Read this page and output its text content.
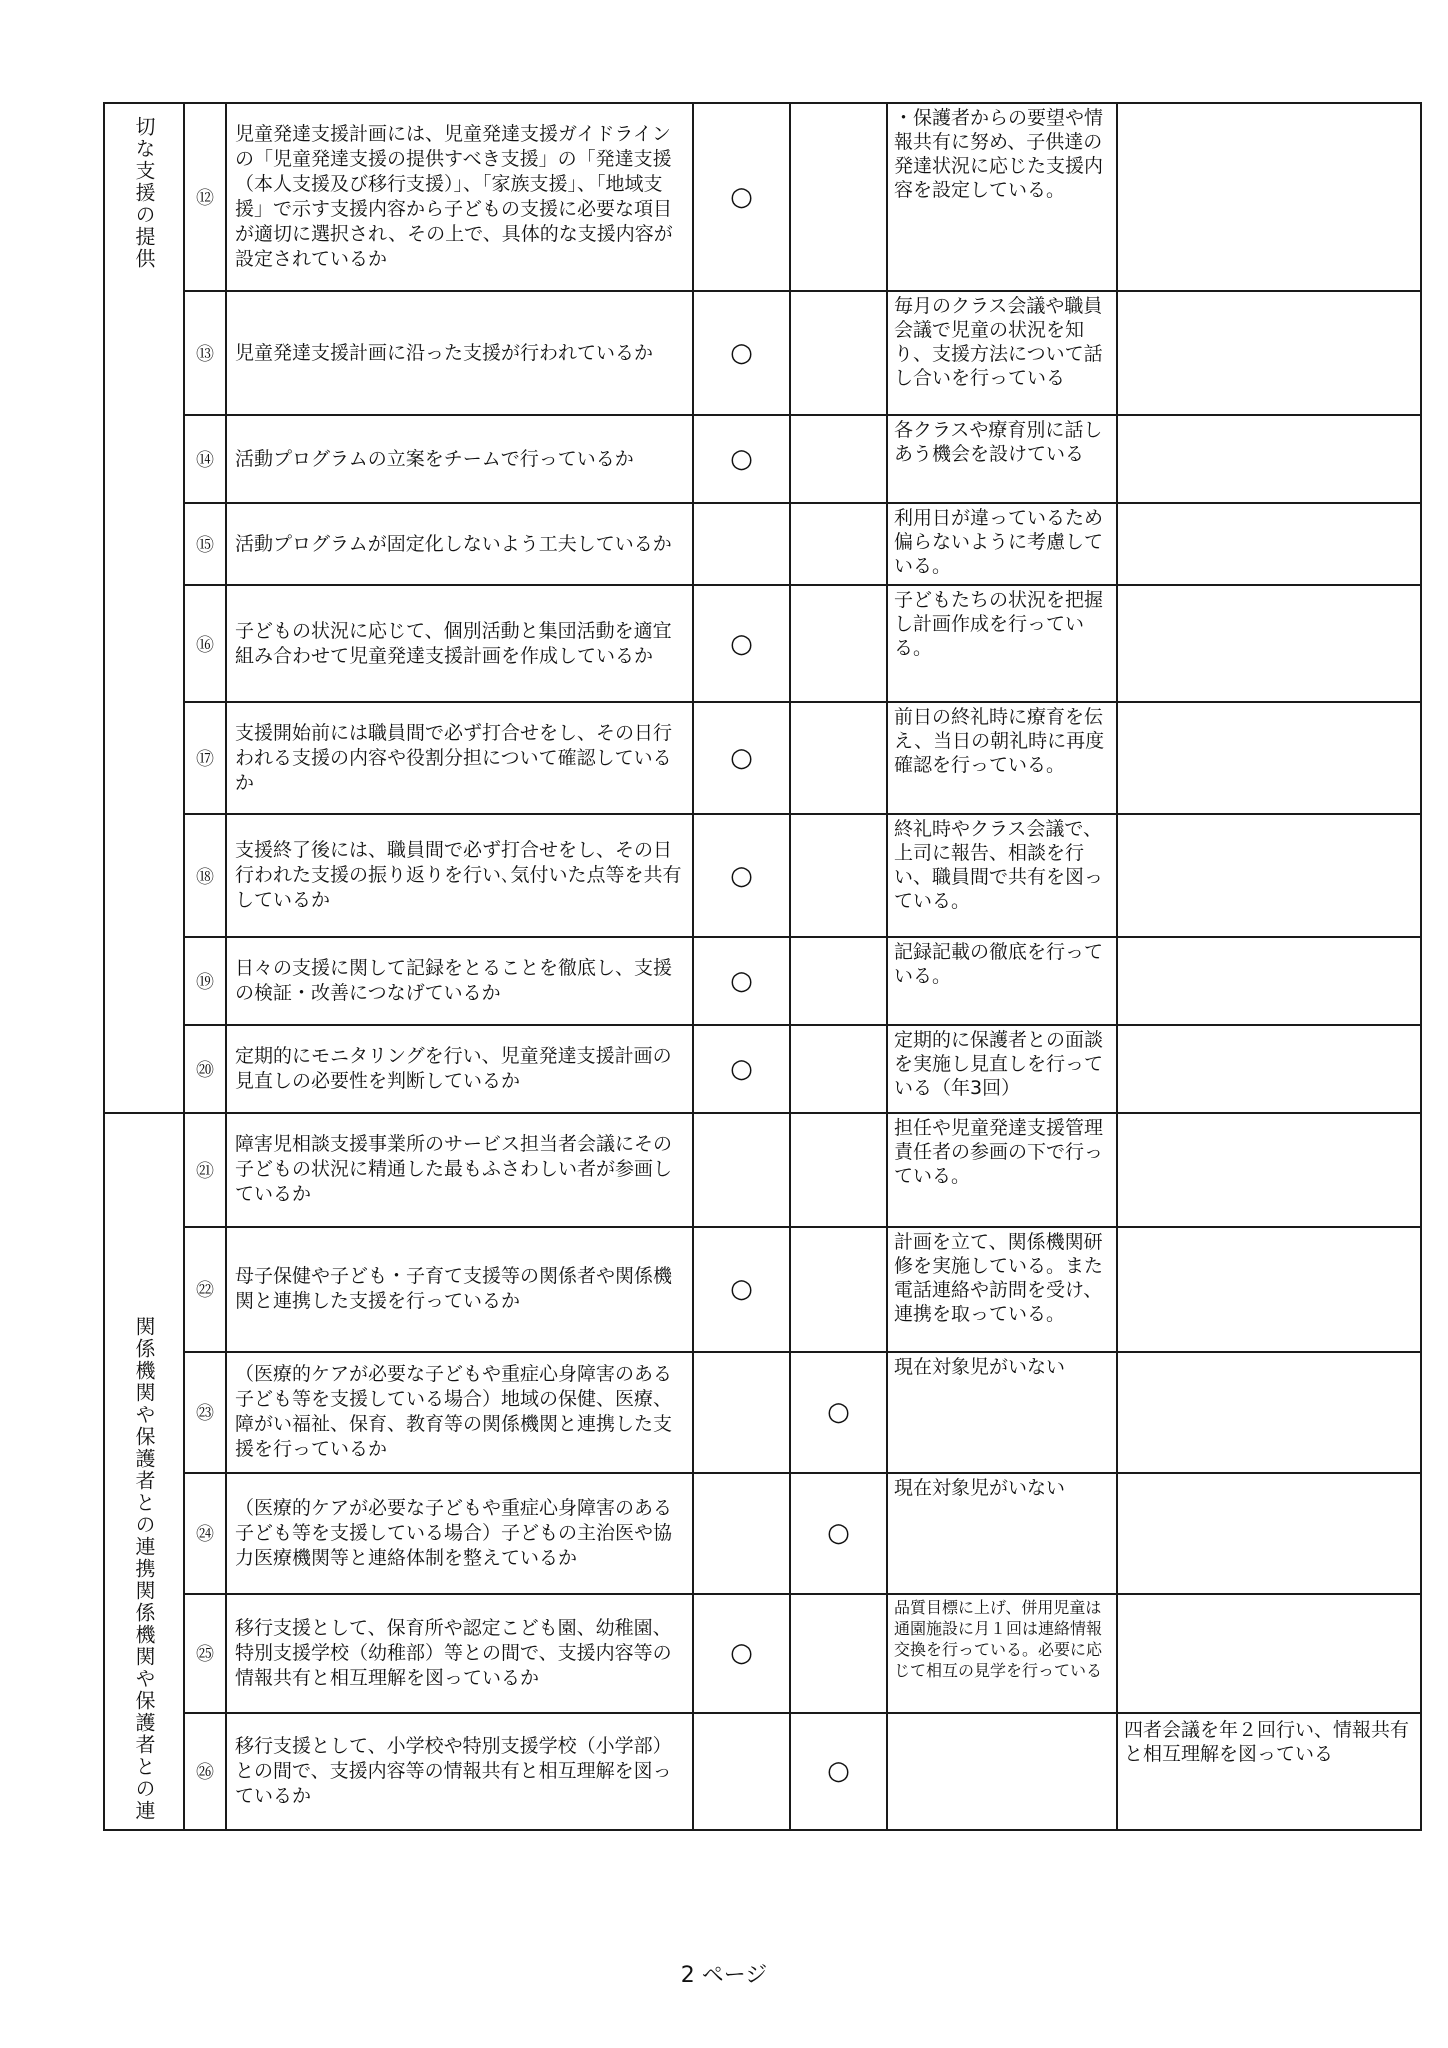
切な支援の提供	⑫	児童発達支援計画には、児童発達支援ガイドラインの「児童発達支援の提供すべき支援」の「発達支援（本人支援及び移行支援）」、「家族支援」、「地域支援」で示す支援内容から子どもの支援に必要な項目が適切に選択され、その上で、具体的な支援内容が設定されているか	○		・保護者からの要望や情報共有に努め、子供達の発達状況に応じた支援内容を設定している。	
	⑬	児童発達支援計画に沿った支援が行われているか	○		毎月のクラス会議や職員会議で児童の状況を知り、支援方法について話し合いを行っている	
	⑭	活動プログラムの立案をチームで行っているか	○		各クラスや療育別に話しあう機会を設けている	
	⑮	活動プログラムが固定化しないよう工夫しているか			利用日が違っているため偏らないように考慮している。	
	⑯	子どもの状況に応じて、個別活動と集団活動を適宜組み合わせて児童発達支援計画を作成しているか	○		子どもたちの状況を把握し計画作成を行っている。	
	⑰	支援開始前には職員間で必ず打合せをし、その日行われる支援の内容や役割分担について確認しているか	○		前日の終礼時に療育を伝え、当日の朝礼時に再度確認を行っている。	
	⑱	支援終了後には、職員間で必ず打合せをし、その日行われた支援の振り返りを行い､気付いた点等を共有しているか	○		終礼時やクラス会議で、上司に報告、相談を行い、職員間で共有を図っている。	
	⑲	日々の支援に関して記録をとることを徹底し、支援の検証・改善につなげているか	○		記録記載の徹底を行っている。	
	⑳	定期的にモニタリングを行い、児童発達支援計画の見直しの必要性を判断しているか	○		定期的に保護者との面談を実施し見直しを行っている（年3回）	

関係機関や保護者との連携関係機関や保護者との連	㉑	障害児相談支援事業所のサービス担当者会議にその子どもの状況に精通した最もふさわしい者が参画しているか			担任や児童発達支援管理責任者の参画の下で行っている。	
	㉒	母子保健や子ども・子育て支援等の関係者や関係機関と連携した支援を行っているか	○		計画を立て、関係機関研修を実施している。また電話連絡や訪問を受け、連携を取っている。	
	㉓	（医療的ケアが必要な子どもや重症心身障害のある子ども等を支援している場合）地域の保健、医療、障がい福祉、保育、教育等の関係機関と連携した支援を行っているか		○	現在対象児がいない	
	㉔	（医療的ケアが必要な子どもや重症心身障害のある子ども等を支援している場合）子どもの主治医や協力医療機関等と連絡体制を整えているか		○	現在対象児がいない	
	㉕	移行支援として、保育所や認定こども園、幼稚園、特別支援学校（幼稚部）等との間で、支援内容等の情報共有と相互理解を図っているか	○		品質目標に上げ、併用児童は通園施設に月１回は連絡情報交換を行っている。必要に応じて相互の見学を行っている	
	㉖	移行支援として、小学校や特別支援学校（小学部）との間で、支援内容等の情報共有と相互理解を図っているか		○		四者会議を年２回行い、情報共有と相互理解を図っている
2 ページ
